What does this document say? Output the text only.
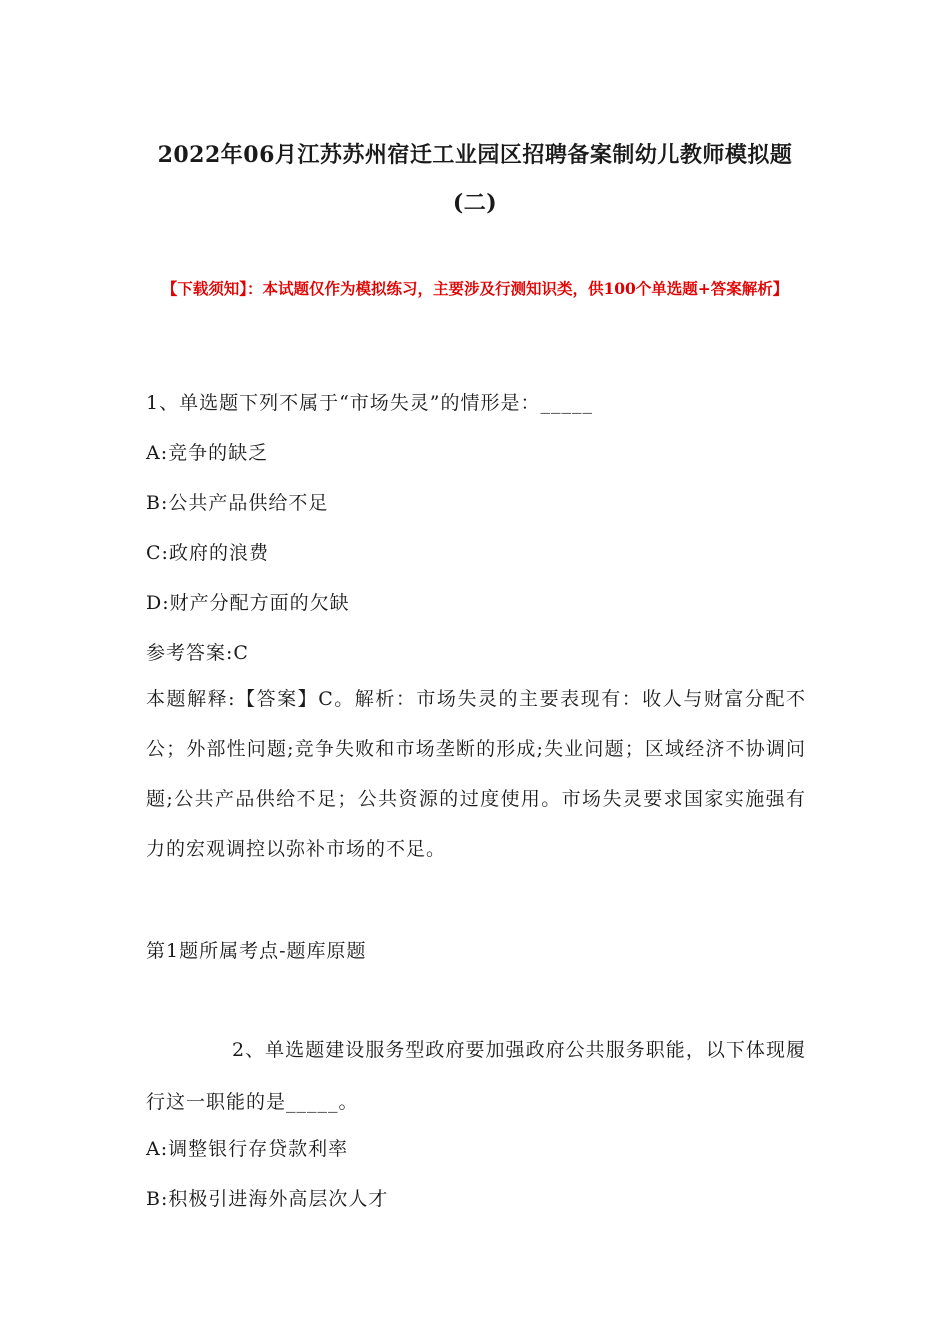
2022年06月江苏苏州宿迁工业园区招聘备案制幼儿教师模拟题
(二)
【下载须知】：本试题仅作为模拟练习，主要涉及行测知识类，供100个单选题+答案解析】
1、单选题下列不属于“市场失灵”的情形是：_____
A:竞争的缺乏
B:公共产品供给不足
C:政府的浪费
D:财产分配方面的欠缺
参考答案:C
本题解释:【答案】C。解析：市场失灵的主要表现有：收人与财富分配不公；外部性问题;竞争失败和市场垄断的形成;失业问题；区域经济不协调问题;公共产品供给不足；公共资源的过度使用。市场失灵要求国家实施强有力的宏观调控以弥补市场的不足。
第1题所属考点-题库原题
2、单选题建设服务型政府要加强政府公共服务职能，以下体现履行这一职能的是_____。
A:调整银行存贷款利率
B:积极引进海外高层次人才
